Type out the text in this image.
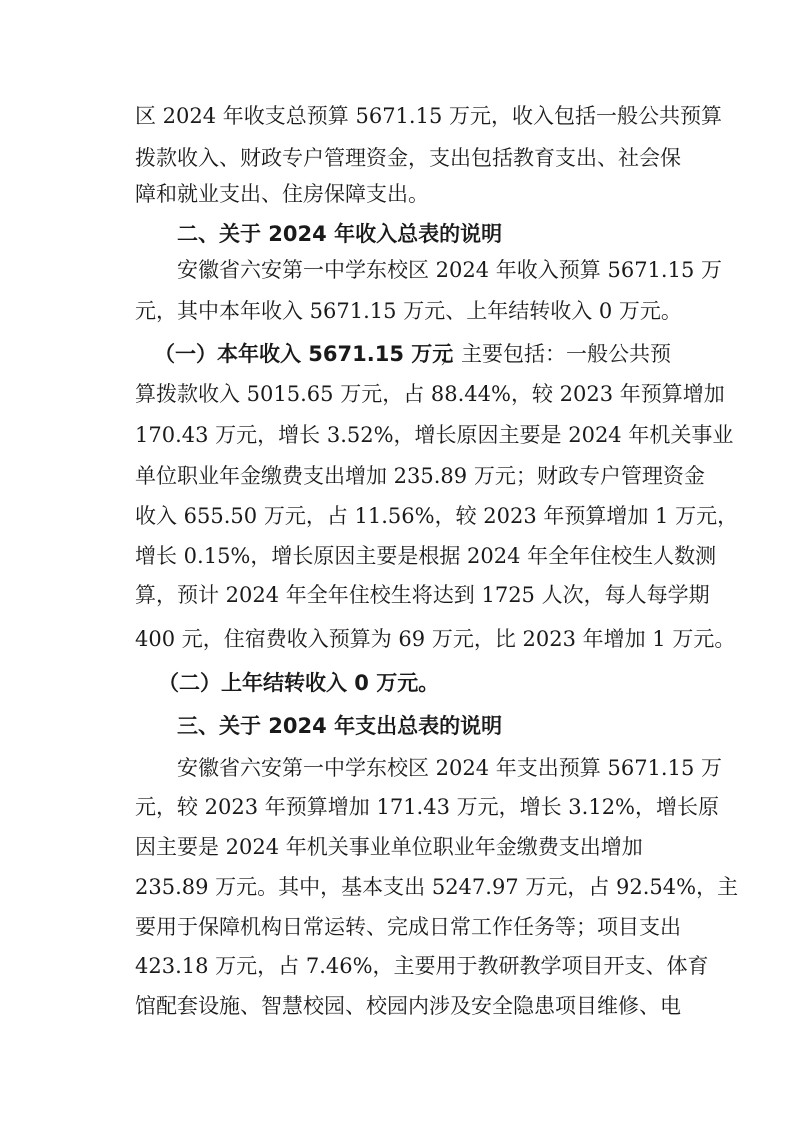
区 2024 年收支总预算 5671.15 万元，收入包括一般公共预算
拨款收入、财政专户管理资金，支出包括教育支出、社会保
障和就业支出、住房保障支出。
二、关于 2024 年收入总表的说明
安徽省六安第一中学东校区 2024 年收入预算 5671.15 万
元，其中本年收入 5671.15 万元、上年结转收入 0 万元。
（一）本年收入 5671.15 万元
，主要包括：一般公共预
算拨款收入 5015.65 万元，占 88.44%，较 2023 年预算增加
170.43 万元，增长 3.52%，增长原因主要是 2024 年机关事业
单位职业年金缴费支出增加 235.89 万元；财政专户管理资金
收入 655.50 万元，占 11.56%，较 2023 年预算增加 1 万元，
增长 0.15%，增长原因主要是根据 2024 年全年住校生人数测
算，预计 2024 年全年住校生将达到 1725 人次，每人每学期
400 元，住宿费收入预算为 69 万元，比 2023 年增加 1 万元。
（二）上年结转收入 0 万元。
三、关于 2024 年支出总表的说明
安徽省六安第一中学东校区 2024 年支出预算 5671.15 万
元，较 2023 年预算增加 171.43 万元，增长 3.12%，增长原
因主要是 2024 年机关事业单位职业年金缴费支出增加
235.89 万元。其中，基本支出 5247.97 万元，占 92.54%，主
要用于保障机构日常运转、完成日常工作任务等；项目支出
423.18 万元，占 7.46%，主要用于教研教学项目开支、体育
馆配套设施、智慧校园、校园内涉及安全隐患项目维修、电
